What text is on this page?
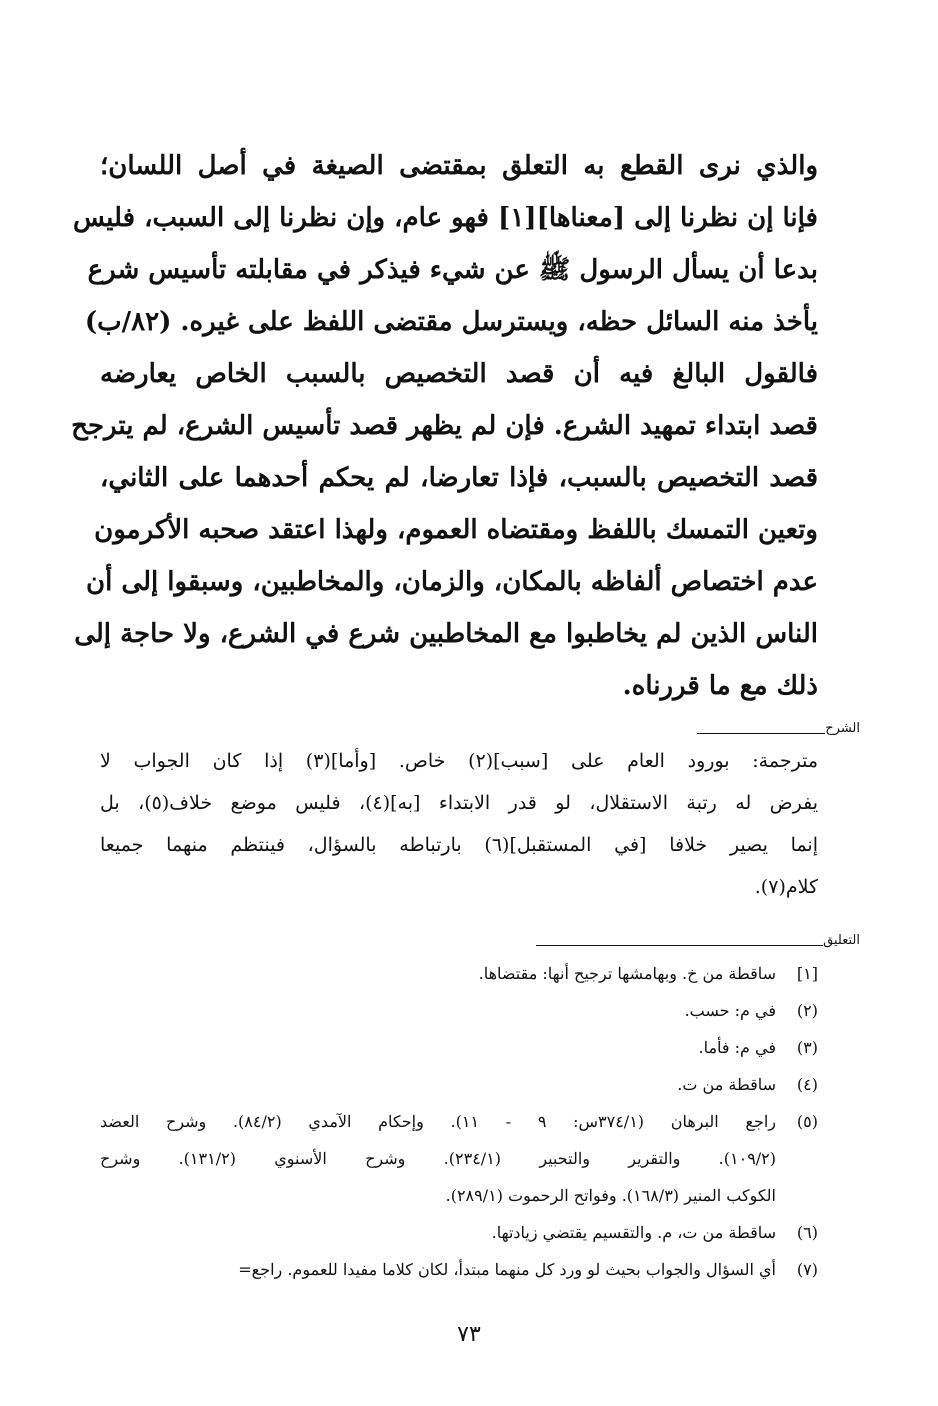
والذي نرى القطع به التعلق بمقتضى الصيغة في أصل اللسان؛
فإنا إن نظرنا إلى [معناها][١] فهو عام، وإن نظرنا إلى السبب، فليس
بدعا أن يسأل الرسول ﷺ عن شيء فيذكر في مقابلته تأسيس شرع
يأخذ منه السائل حظه، ويسترسل مقتضى اللفظ على غيره. (٨٢/ب)
فالقول البالغ فيه أن قصد التخصيص بالسبب الخاص يعارضه
قصد ابتداء تمهيد الشرع. فإن لم يظهر قصد تأسيس الشرع، لم يترجح
قصد التخصيص بالسبب، فإذا تعارضا، لم يحكم أحدهما على الثاني،
وتعين التمسك باللفظ ومقتضاه العموم، ولهذا اعتقد صحبه الأكرمون
عدم اختصاص ألفاظه بالمكان، والزمان، والمخاطبين، وسبقوا إلى أن
الناس الذين لم يخاطبوا مع المخاطبين شرع في الشرع، ولا حاجة إلى
ذلك مع ما قررناه.
الشرح
مترجمة: بورود العام على [سبب](٢) خاص. [وأما](٣) إذا كان الجواب لا
يفرض له رتبة الاستقلال، لو قدر الابتداء [به](٤)، فليس موضع خلاف(٥)، بل
إنما يصير خلافا [في المستقبل](٦) بارتباطه بالسؤال، فينتظم منهما جميعا
كلام(٧).
التعليق
[١]
ساقطة من خ. وبهامشها ترجيح أنها: مقتضاها.
(٢)
في م: حسب.
(٣)
في م: فأما.
(٤)
ساقطة من ت.
(٥)
راجع البرهان (٣٧٤/١س: ٩ - ١١). وإحكام الآمدي (٨٤/٢). وشرح العضد
(١٠٩/٢). والتقرير والتحبير (٢٣٤/١). وشرح الأسنوي (١٣١/٢). وشرح
الكوكب المنير (١٦٨/٣). وفواتح الرحموت (٢٨٩/١).
(٦)
ساقطة من ت، م. والتقسيم يقتضي زيادتها.
(٧)
أي السؤال والجواب بحيث لو ورد كل منهما مبتدأ، لكان كلاما مفيدا للعموم. راجع=
٧٣
